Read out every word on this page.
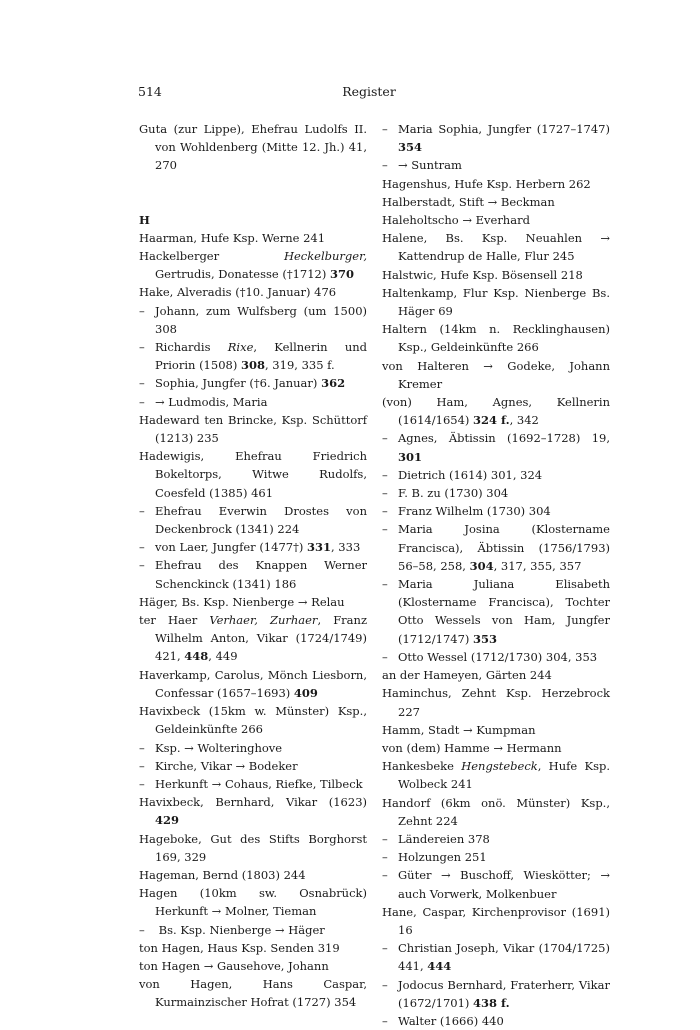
514	Register
Guta (zur Lippe), Ehefrau Ludolfs II. von Wohldenberg (Mitte 12. Jh.) 41, 270
H
Haarman, Hufe Ksp. Werne 241
Hackelberger Heckelburger, Gertrudis, Donatesse (†1712) 370
Hake, Alveradis (†10. Januar) 476
– Johann, zum Wulfsberg (um 1500) 308
– Richardis Rixe, Kellnerin und Priorin (1508) 308, 319, 335 f.
– Sophia, Jungfer (†6. Januar) 362
– → Ludmodis, Maria
Hadeward ten Brincke, Ksp. Schüttorf (1213) 235
Hadewigis, Ehefrau Friedrich Bokeltorps, Witwe Rudolfs, Coesfeld (1385) 461
– Ehefrau Everwin Drostes von Deckenbrock (1341) 224
– von Laer, Jungfer (1477†) 331, 333
– Ehefrau des Knappen Werner Schenckinck (1341) 186
Häger, Bs. Ksp. Nienberge → Relau
ter Haer Verhaer, Zurhaer, Franz Wilhelm Anton, Vikar (1724/1749) 421, 448, 449
Haverkamp, Carolus, Mönch Liesborn, Confessar (1657–1693) 409
Havixbeck (15km w. Münster) Ksp., Geldeinkünfte 266
– Ksp. → Wolteringhove
– Kirche, Vikar → Bodeker
– Herkunft → Cohaus, Riefke, Tilbeck
Havixbeck, Bernhard, Vikar (1623) 429
Hageboke, Gut des Stifts Borghorst 169, 329
Hageman, Bernd (1803) 244
Hagen (10km sw. Osnabrück) Herkunft → Molner, Tieman
– Bs. Ksp. Nienberge → Häger
ton Hagen, Haus Ksp. Senden 319
ton Hagen → Gausehove, Johann
von Hagen, Hans Caspar, Kurmainzischer Hofrat (1727) 354
– Maria Sophia, Jungfer (1727–1747) 354
– → Suntram
Hagenshus, Hufe Ksp. Herbern 262
Halberstadt, Stift → Beckman
Haleholtscho → Everhard
Halene, Bs. Ksp. Neuahlen → Kattendrup de Halle, Flur 245
Halstwic, Hufe Ksp. Bösensell 218
Haltenkamp, Flur Ksp. Nienberge Bs. Häger 69
Haltern (14km n. Recklinghausen) Ksp., Geldeinkünfte 266
von Halteren → Godeke, Johann Kremer
(von) Ham, Agnes, Kellnerin (1614/1654) 324 f., 342
– Agnes, Äbtissin (1692–1728) 19, 301
– Dietrich (1614) 301, 324
– F. B. zu (1730) 304
– Franz Wilhelm (1730) 304
– Maria Josina (Klostername Francisca), Äbtissin (1756/1793) 56–58, 258, 304, 317, 355, 357
– Maria Juliana Elisabeth (Klostername Francisca), Tochter Otto Wessels von Ham, Jungfer (1712/1747) 353
– Otto Wessel (1712/1730) 304, 353
an der Hameyen, Gärten 244
Haminchus, Zehnt Ksp. Herzebrock 227
Hamm, Stadt → Kumpman
von (dem) Hamme → Hermann
Hankesbeke Hengstebeck, Hufe Ksp. Wolbeck 241
Handorf (6km onö. Münster) Ksp., Zehnt 224
– Ländereien 378
– Holzungen 251
– Güter → Buschoff, Wieskötter; → auch Vorwerk, Molkenbuer
Hane, Caspar, Kirchenprovisor (1691) 16
– Christian Joseph, Vikar (1704/1725) 441, 444
– Jodocus Bernhard, Fraterherr, Vikar (1672/1701) 438 f.
– Walter (1666) 440
